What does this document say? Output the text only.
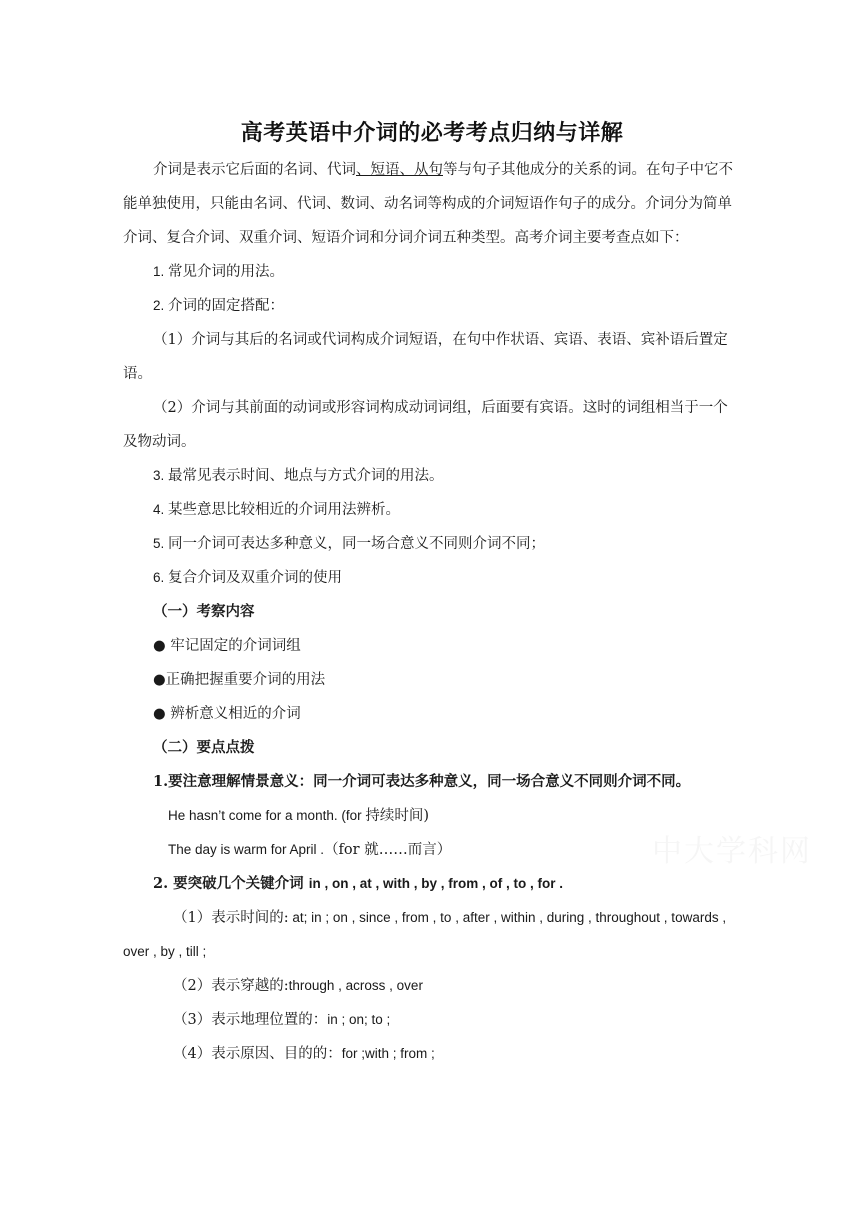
中大学科网
高考英语中介词的必考考点归纳与详解

介词是表示它后面的名词、代词、短语、从句等与句子其他成分的关系的词。在句子中它不能单独使用，只能由名词、代词、数词、动名词等构成的介词短语作句子的成分。介词分为简单介词、复合介词、双重介词、短语介词和分词介词五种类型。高考介词主要考查点如下：

1. 常见介词的用法。

2. 介词的固定搭配：

（1）介词与其后的名词或代词构成介词短语，在句中作状语、宾语、表语、宾补语后置定语。

（2）介词与其前面的动词或形容词构成动词词组，后面要有宾语。这时的词组相当于一个及物动词。

3. 最常见表示时间、地点与方式介词的用法。

4. 某些意思比较相近的介词用法辨析。

5. 同一介词可表达多种意义，同一场合意义不同则介词不同；

6. 复合介词及双重介词的使用

（一）考察内容

● 牢记固定的介词词组

●正确把握重要介词的用法

● 辨析意义相近的介词

（二）要点点拨

1.要注意理解情景意义：同一介词可表达多种意义，同一场合意义不同则介词不同。

He hasn’t come for a month. (for 持续时间)

The day is warm for April .（for 就……而言）

2. 要突破几个关键介词 in , on , at , with , by , from , of , to , for .

（1）表示时间的: at; in ; on , since , from , to , after , within , during , throughout , towards , over , by , till ;

（2）表示穿越的:through , across , over

（3）表示地理位置的：in ; on; to ;

（4）表示原因、目的的：for ;with ; from ;
